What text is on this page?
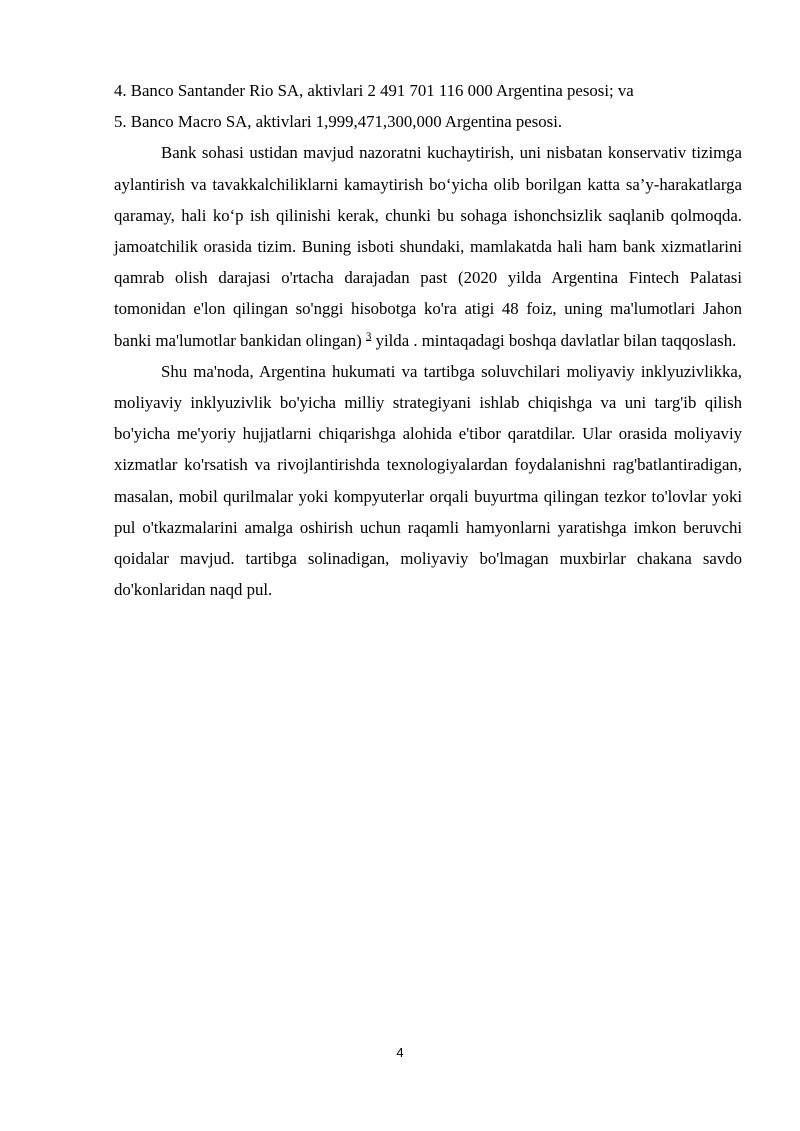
4. Banco Santander Rio SA, aktivlari 2 491 701 116 000 Argentina pesosi; va

5. Banco Macro SA, aktivlari 1,999,471,300,000 Argentina pesosi.

Bank sohasi ustidan mavjud nazoratni kuchaytirish, uni nisbatan konservativ tizimga aylantirish va tavakkalchiliklarni kamaytirish bo‘yicha olib borilgan katta sa’y-harakatlarga qaramay, hali ko‘p ish qilinishi kerak, chunki bu sohaga ishonchsizlik saqlanib qolmoqda. jamoatchilik orasida tizim. Buning isboti shundaki, mamlakatda hali ham bank xizmatlarini qamrab olish darajasi o'rtacha darajadan past (2020 yilda Argentina Fintech Palatasi tomonidan e'lon qilingan so'nggi hisobotga ko'ra atigi 48 foiz, uning ma'lumotlari Jahon banki ma'lumotlar bankidan olingan) $^3$ yilda . mintaqadagi boshqa davlatlar bilan taqqoslash.

Shu ma'noda, Argentina hukumati va tartibga soluvchilari moliyaviy inklyuzivlikka, moliyaviy inklyuzivlik bo'yicha milliy strategiyani ishlab chiqishga va uni targ'ib qilish bo'yicha me'yoriy hujjatlarni chiqarishga alohida e'tibor qaratdilar. Ular orasida moliyaviy xizmatlar ko'rsatish va rivojlantirishda texnologiyalardan foydalanishni rag'batlantiradigan, masalan, mobil qurilmalar yoki kompyuterlar orqali buyurtma qilingan tezkor to'lovlar yoki pul o'tkazmalarini amalga oshirish uchun raqamli hamyonlarni yaratishga imkon beruvchi qoidalar mavjud. tartibga solinadigan, moliyaviy bo'lmagan muxbirlar chakana savdo do'konlaridan naqd pul.

4
